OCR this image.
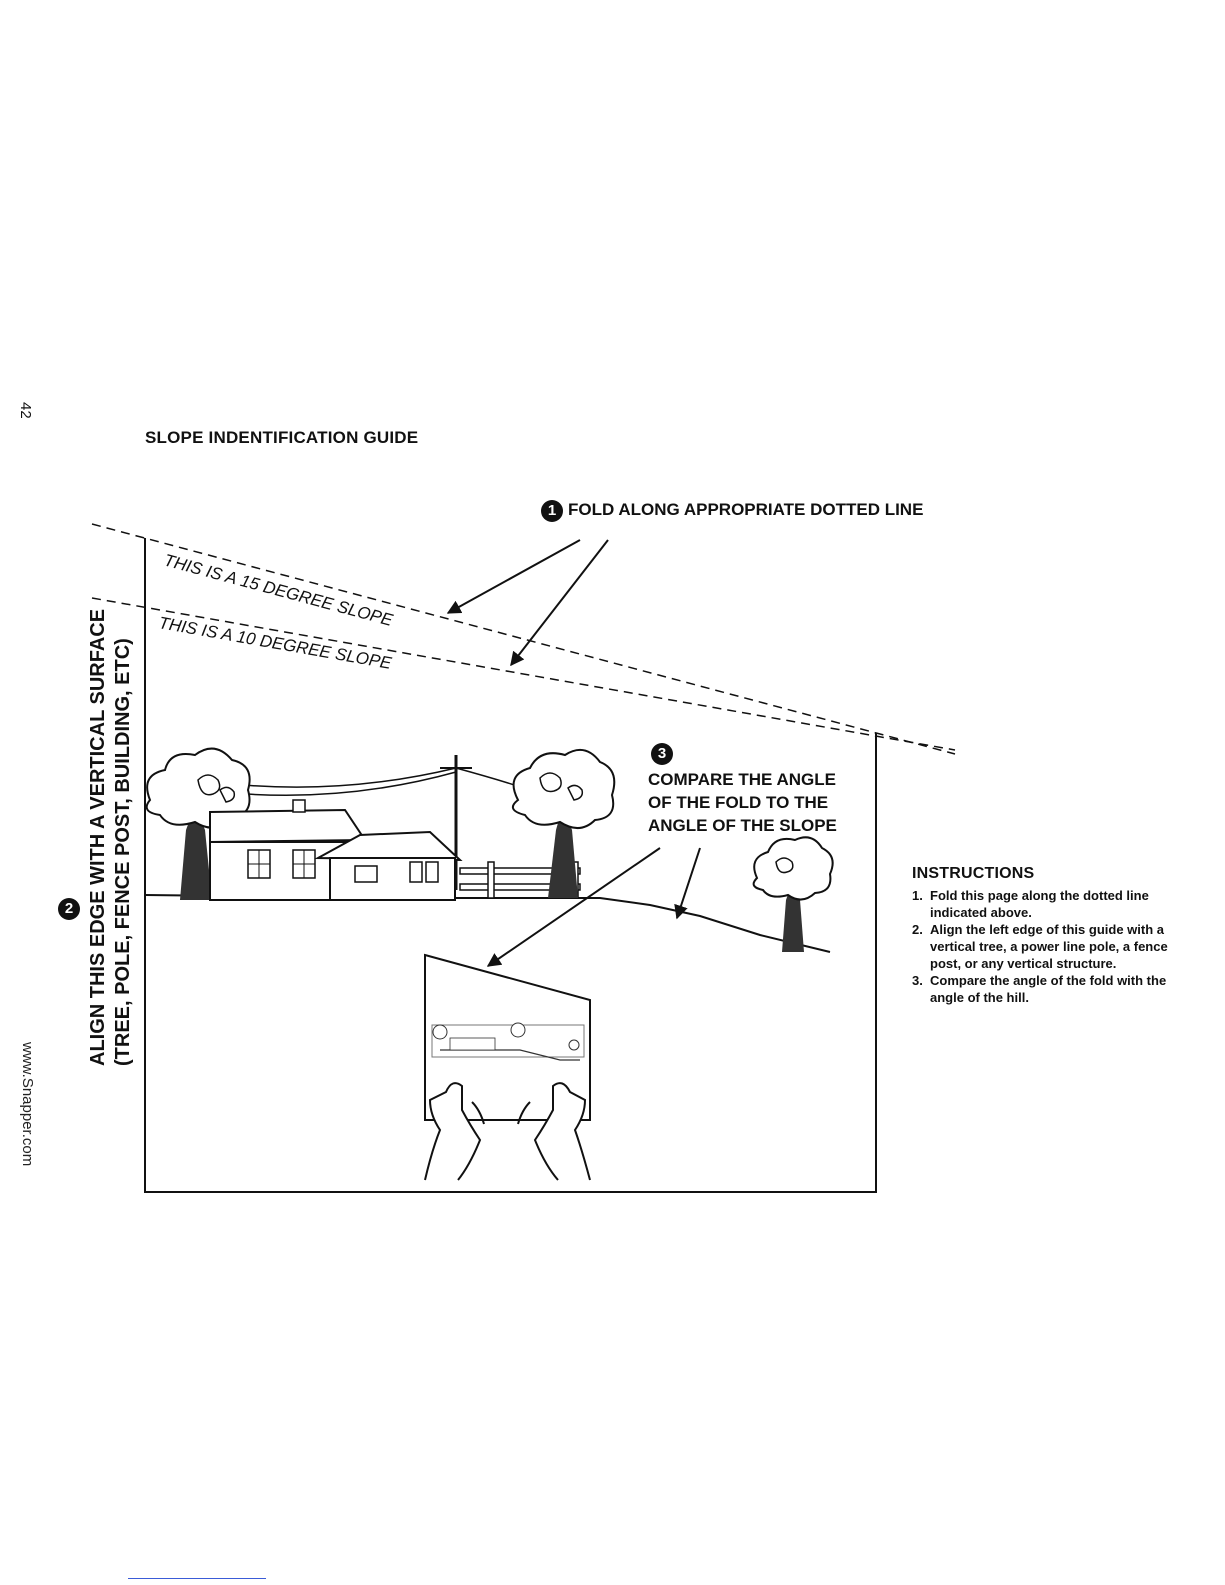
42
www.Snapper.com
SLOPE INDENTIFICATION GUIDE
THIS IS A 15 DEGREE SLOPE
THIS IS A 10 DEGREE SLOPE
ALIGN THIS EDGE WITH A VERTICAL SURFACE (TREE, POLE, FENCE POST, BUILDING, ETC)
2
1 FOLD ALONG APPROPRIATE DOTTED LINE
3
COMPARE THE ANGLE
OF THE FOLD TO THE
ANGLE OF THE SLOPE
INSTRUCTIONS
1. Fold this page along the dotted line indicated above.
2. Align the left edge of this guide with a vertical tree, a power line pole, a fence post, or any vertical structure.
3. Compare the angle of the fold with the angle of the hill.
